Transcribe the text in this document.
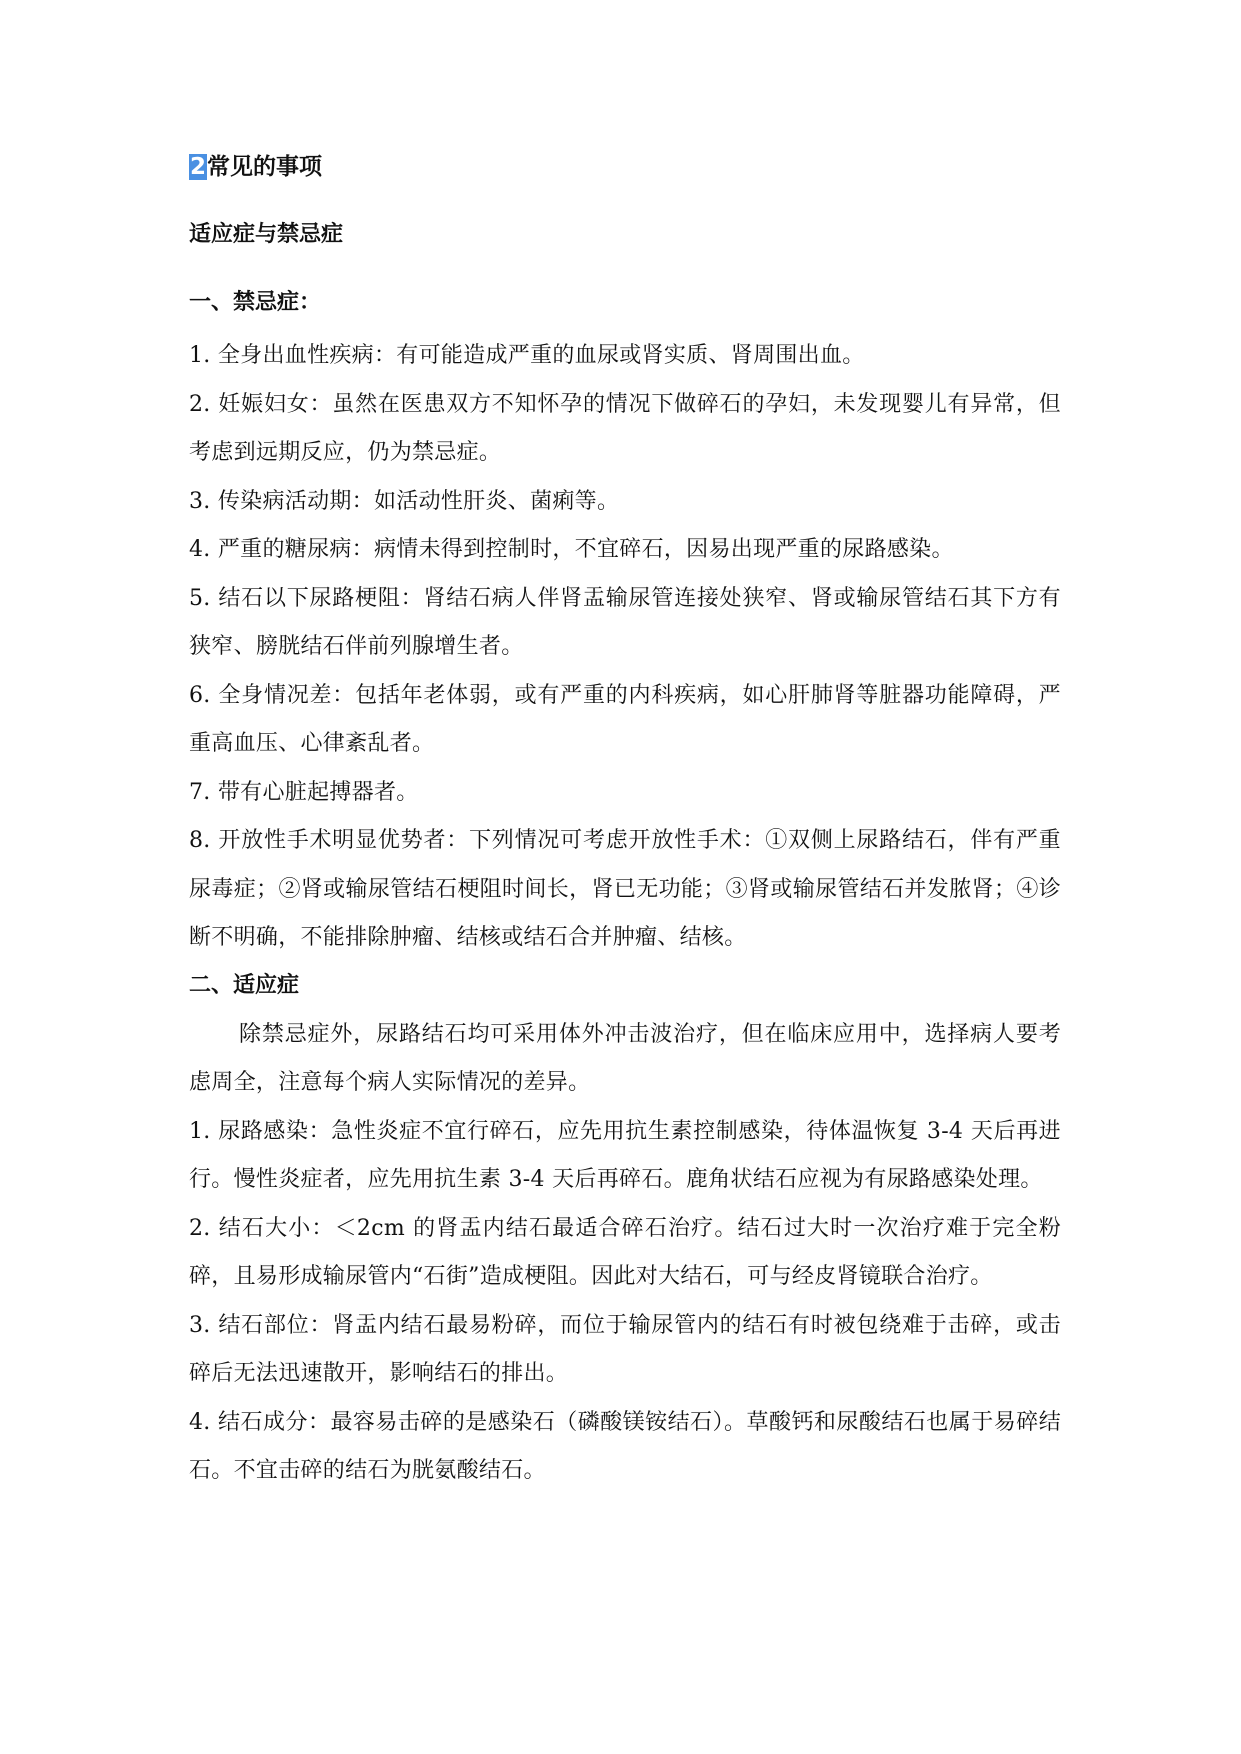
2常见的事项
适应症与禁忌症
一、禁忌症：

1. 全身出血性疾病：有可能造成严重的血尿或肾实质、肾周围出血。

2. 妊娠妇女：虽然在医患双方不知怀孕的情况下做碎石的孕妇，未发现婴儿有异常，但考虑到远期反应，仍为禁忌症。

3. 传染病活动期：如活动性肝炎、菌痢等。

4. 严重的糖尿病：病情未得到控制时，不宜碎石，因易出现严重的尿路感染。

5. 结石以下尿路梗阻：肾结石病人伴肾盂输尿管连接处狭窄、肾或输尿管结石其下方有狭窄、膀胱结石伴前列腺增生者。

6. 全身情况差：包括年老体弱，或有严重的内科疾病，如心肝肺肾等脏器功能障碍，严重高血压、心律紊乱者。

7. 带有心脏起搏器者。

8. 开放性手术明显优势者：下列情况可考虑开放性手术：①双侧上尿路结石，伴有严重尿毒症；②肾或输尿管结石梗阻时间长，肾已无功能；③肾或输尿管结石并发脓肾；④诊断不明确，不能排除肿瘤、结核或结石合并肿瘤、结核。

二、适应症

除禁忌症外，尿路结石均可采用体外冲击波治疗，但在临床应用中，选择病人要考虑周全，注意每个病人实际情况的差异。

1. 尿路感染：急性炎症不宜行碎石，应先用抗生素控制感染，待体温恢复 3-4 天后再进行。慢性炎症者，应先用抗生素 3-4 天后再碎石。鹿角状结石应视为有尿路感染处理。

2. 结石大小：＜2cm 的肾盂内结石最适合碎石治疗。结石过大时一次治疗难于完全粉碎，且易形成输尿管内“石街”造成梗阻。因此对大结石，可与经皮肾镜联合治疗。

3. 结石部位：肾盂内结石最易粉碎，而位于输尿管内的结石有时被包绕难于击碎，或击碎后无法迅速散开，影响结石的排出。

4. 结石成分：最容易击碎的是感染石（磷酸镁铵结石）。草酸钙和尿酸结石也属于易碎结石。不宜击碎的结石为胱氨酸结石。
